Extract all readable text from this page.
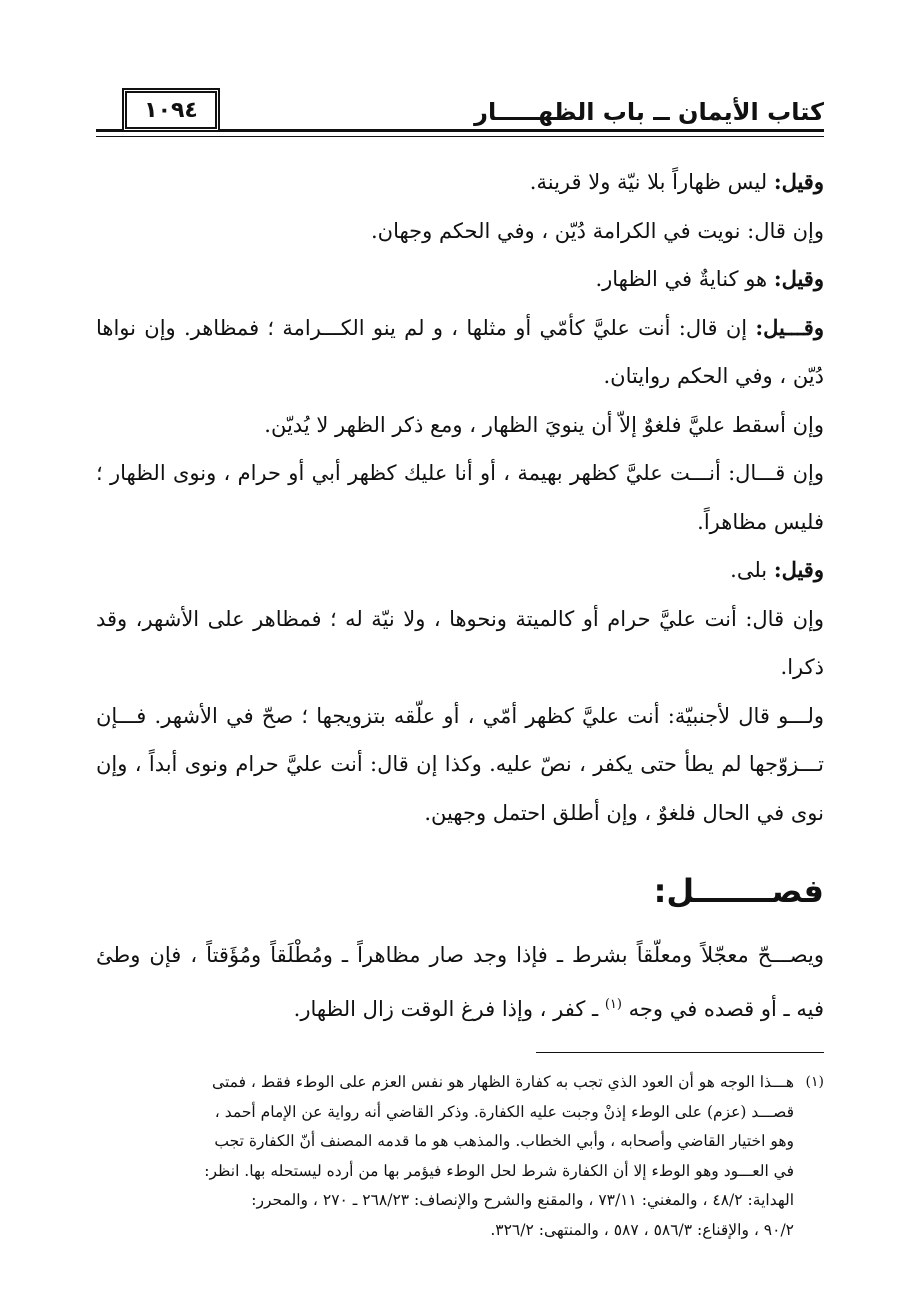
١٠٩٤	كتاب الأيمان ــ باب الظهـــــار

وقيل: ليس ظهاراً بلا نيّة ولا قرينة.

وإن قال: نويت في الكرامة دُيّن ، وفي الحكم وجهان.

وقيل: هو كنايةٌ في الظهار.

وقـــيل: إن قال: أنت عليَّ كأمّي أو مثلها ، و لم ينو الكـــرامة ؛ فمظاهر. وإن نواها دُيّن ، وفي الحكم روايتان.

وإن أسقط عليَّ فلغوٌ إلاّ أن ينويَ الظهار ، ومع ذكر الظهر لا يُديّن.

وإن قـــال: أنـــت عليَّ كظهر بهيمة ، أو أنا عليك كظهر أبي أو حرام ، ونوى الظهار ؛ فليس مظاهراً.

وقيل: بلى.

وإن قال: أنت عليَّ حرام أو كالميتة ونحوها ، ولا نيّة له ؛ فمظاهر على الأشهر، وقد ذكرا.

ولـــو قال لأجنبيّة: أنت عليَّ كظهر أمّي ، أو علّقه بتزويجها ؛ صحّ في الأشهر. فـــإن تـــزوّجها لم يطأ حتى يكفر ، نصّ عليه. وكذا إن قال: أنت عليَّ حرام ونوى أبداً ، وإن نوى في الحال فلغوٌ ، وإن أطلق احتمل وجهين.

فصـــــــل:
ويصـــحّ معجّلاً ومعلّقاً بشرط ـ فإذا وجد صار مظاهراً ـ ومُطْلَقاً ومُؤَقتاً ، فإن وطئ فيه ـ أو قصده في وجه $^{(١)}$ ـ كفر ، وإذا فرغ الوقت زال الظهار.
(١)
هـــذا الوجه هو أن العود الذي تجب به كفارة الظهار هو نفس العزم على الوطء فقط ، فمتى
قصـــد (عزم) على الوطء إذنْ وجبت عليه الكفارة. وذكر القاضي أنه رواية عن الإمام أحمد ،
وهو اختيار القاضي وأصحابه ، وأبي الخطاب. والمذهب هو ما قدمه المصنف أنّ الكفارة تجب
في العـــود وهو الوطء إلا أن الكفارة شرط لحل الوطء فيؤمر بها من أرده ليستحله بها. انظر:
الهداية: ٤٨/٢ ، والمغني: ٧٣/١١ ، والمقنع والشرح والإنصاف: ٢٦٨/٢٣ ـ ٢٧٠ ، والمحرر:
٩٠/٢ ، والإقناع: ٥٨٦/٣ ، ٥٨٧ ، والمنتهى: ٣٢٦/٢.
